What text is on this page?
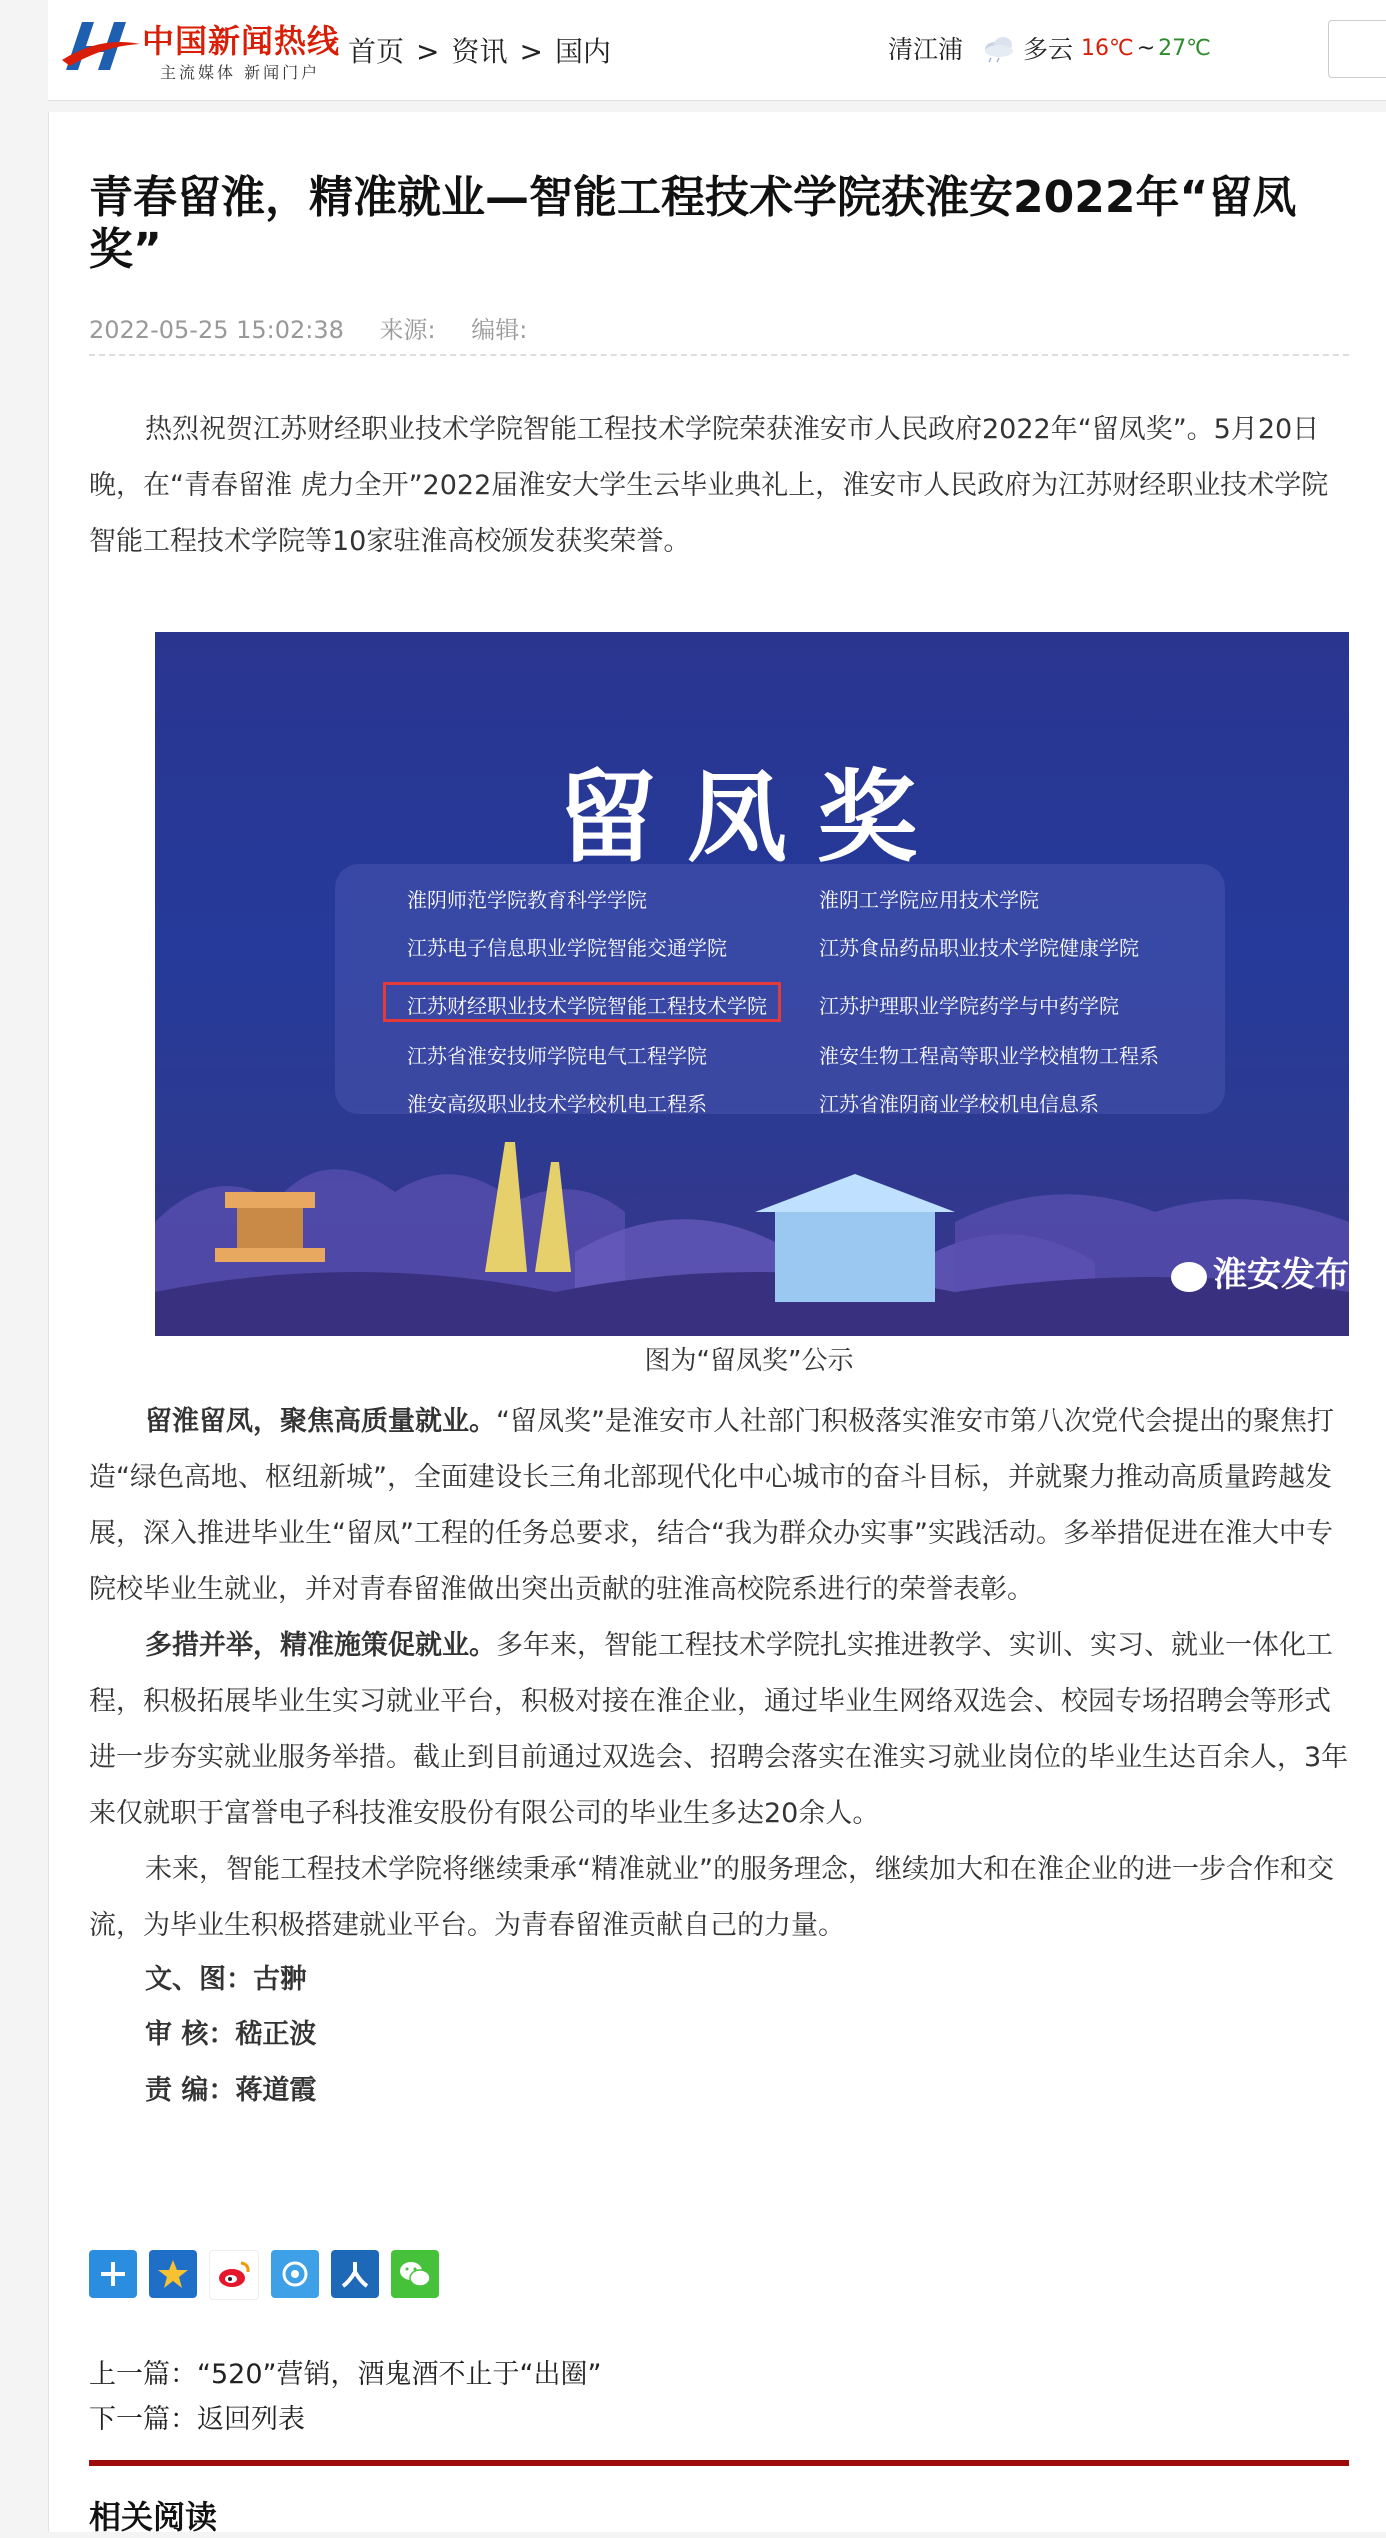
中国新闻热线
主流媒体 新闻门户
首页 > 资讯 > 国内	清江浦 多云 16℃ ~ 27℃
青春留淮，精准就业—智能工程技术学院获淮安2022年“留凤奖”
2022-05-25 15:02:38 来源: 编辑:

热烈祝贺江苏财经职业技术学院智能工程技术学院荣获淮安市人民政府2022年“留凤奖”。5月20日晚，在“青春留淮 虎力全开”2022届淮安大学生云毕业典礼上，淮安市人民政府为江苏财经职业技术学院智能工程技术学院等10家驻淮高校颁发获奖荣誉。

留凤奖
淮阴师范学院教育科学学院
江苏电子信息职业学院智能交通学院
江苏财经职业技术学院智能工程技术学院
江苏省淮安技师学院电气工程学院
淮安高级职业技术学校机电工程系
淮阴工学院应用技术学院
江苏食品药品职业技术学院健康学院
江苏护理职业学院药学与中药学院
淮安生物工程高等职业学校植物工程系
江苏省淮阴商业学校机电信息系
淮安发布
图为“留凤奖”公示

留淮留凤，聚焦高质量就业。“留凤奖”是淮安市人社部门积极落实淮安市第八次党代会提出的聚焦打造“绿色高地、枢纽新城”，全面建设长三角北部现代化中心城市的奋斗目标，并就聚力推动高质量跨越发展，深入推进毕业生“留凤”工程的任务总要求，结合“我为群众办实事”实践活动。多举措促进在淮大中专院校毕业生就业，并对青春留淮做出突出贡献的驻淮高校院系进行的荣誉表彰。

多措并举，精准施策促就业。多年来，智能工程技术学院扎实推进教学、实训、实习、就业一体化工程，积极拓展毕业生实习就业平台，积极对接在淮企业，通过毕业生网络双选会、校园专场招聘会等形式进一步夯实就业服务举措。截止到目前通过双选会、招聘会落实在淮实习就业岗位的毕业生达百余人，3年来仅就职于富誉电子科技淮安股份有限公司的毕业生多达20余人。

未来，智能工程技术学院将继续秉承“精准就业”的服务理念，继续加大和在淮企业的进一步合作和交流，为毕业生积极搭建就业平台。为青春留淮贡献自己的力量。

文、图：古翀
审 核：嵇正波
责 编：蒋道霞
上一篇：“520”营销，酒鬼酒不止于“出圈”
下一篇：返回列表
相关阅读
